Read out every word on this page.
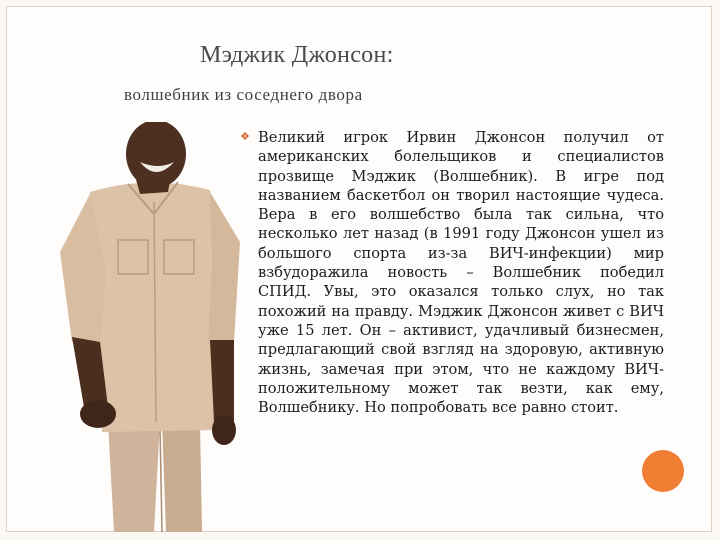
Мэджик Джонсон:
волшебник из соседнего двора
❖ Великий игрок Ирвин Джонсон получил от американских болельщиков и специалистов прозвище Мэджик (Волшебник). В игре под названием баскетбол он творил настоящие чудеса. Вера в его волшебство была так сильна, что несколько лет назад (в 1991 году Джонсон ушел из большого спорта из-за ВИЧ-инфекции) мир взбудоражила новость – Волшебник победил СПИД. Увы, это оказался только слух, но так похожий на правду. Мэджик Джонсон живет с ВИЧ уже 15 лет. Он – активист, удачливый бизнесмен, предлагающий свой взгляд на здоровую, активную жизнь, замечая при этом, что не каждому ВИЧ-положительному может так везти, как ему, Волшебнику. Но попробовать все равно стоит.
